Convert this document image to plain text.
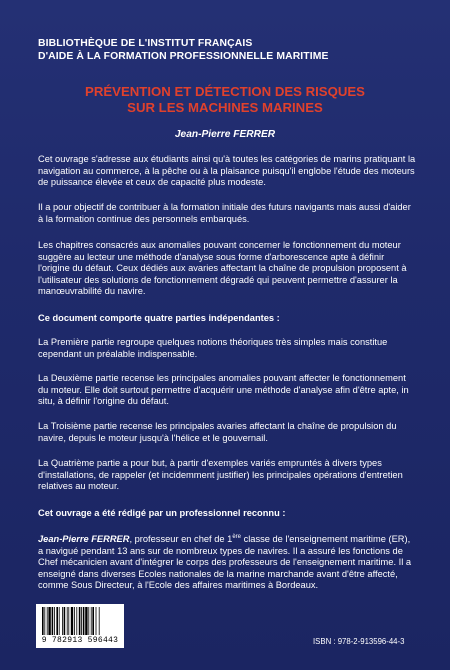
BIBLIOTHÈQUE DE L'INSTITUT FRANÇAIS
D'AIDE À LA FORMATION PROFESSIONNELLE MARITIME
PRÉVENTION ET DÉTECTION DES RISQUES
SUR LES MACHINES MARINES
Jean-Pierre FERRER

Cet ouvrage s'adresse aux étudiants ainsi qu'à toutes les catégories de marins pratiquant la navigation au commerce, à la pêche ou à la plaisance puisqu'il englobe l'étude des moteurs de puissance élevée et ceux de capacité plus modeste.

Il a pour objectif de contribuer à la formation initiale des futurs navigants mais aussi d'aider à la formation continue des personnels embarqués.

Les chapitres consacrés aux anomalies pouvant concerner le fonctionnement du moteur suggère au lecteur une méthode d'analyse sous forme d'arborescence apte à définir l'origine du défaut. Ceux dédiés aux avaries affectant la chaîne de propulsion proposent à l'utilisateur des solutions de fonctionnement dégradé qui peuvent permettre d'assurer la manœuvrabilité du navire.

Ce document comporte quatre parties indépendantes :

La Première partie regroupe quelques notions théoriques très simples mais constitue cependant un préalable indispensable.

La Deuxième partie recense les principales anomalies pouvant affecter le fonctionnement du moteur. Elle doit surtout permettre d'acquérir une méthode d'analyse afin d'être apte, in situ, à définir l'origine du défaut.

La Troisième partie recense les principales avaries affectant la chaîne de propulsion du navire, depuis le moteur jusqu'à l'hélice et le gouvernail.

La Quatrième partie a pour but, à partir d'exemples variés empruntés à divers types d'installations, de rappeler (et incidemment justifier) les principales opérations d'entretien relatives au moteur.

Cet ouvrage a été rédigé par un professionnel reconnu :

Jean-Pierre FERRER, professeur en chef de 1ère classe de l'enseignement maritime (ER), a navigué pendant 13 ans sur de nombreux types de navires. Il a assuré les fonctions de Chef mécanicien avant d'intégrer le corps des professeurs de l'enseignement maritime. Il a enseigné dans diverses Ecoles nationales de la marine marchande avant d'être affecté, comme Sous Directeur, à l'Ecole des affaires maritimes à Bordeaux.

9 782913 596443	ISBN : 978-2-913596-44-3
